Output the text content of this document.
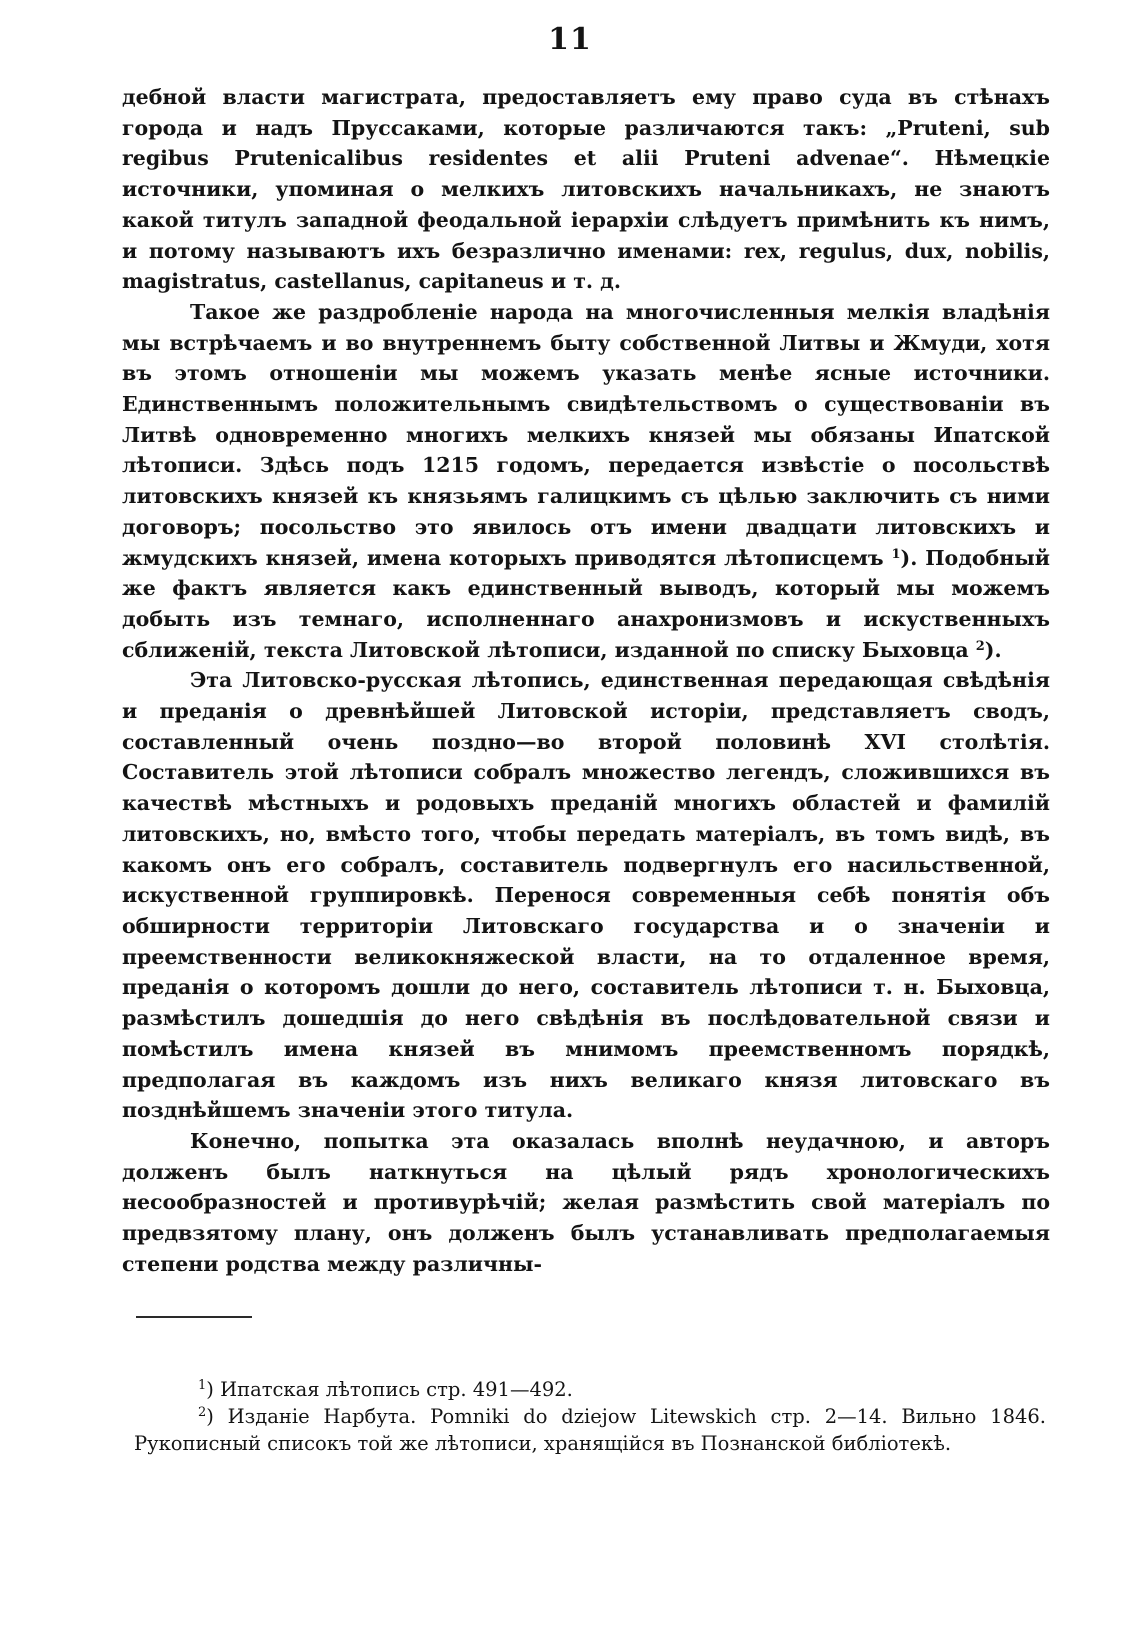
11

дебной власти магистрата, предоставляетъ ему право суда въ стѣнахъ города и надъ Пруссаками, которые различаются такъ: „Pruteni, sub regibus Prutenicalibus residentes et alii Pruteni advenae“. Нѣмецкіе источники, упоминая о мелкихъ литовскихъ начальникахъ, не знаютъ какой титулъ западной феодальной іерархіи слѣдуетъ примѣнить къ нимъ, и потому называютъ ихъ безразлично именами: rex, regulus, dux, nobilis, magistratus, castellanus, capitaneus и т. д.

Такое же раздробленіе народа на многочисленныя мелкія владѣнія мы встрѣчаемъ и во внутреннемъ быту собственной Литвы и Жмуди, хотя въ этомъ отношеніи мы можемъ указать менѣе ясные источники. Единственнымъ положительнымъ свидѣтельствомъ о существованіи въ Литвѣ одновременно многихъ мелкихъ князей мы обязаны Ипатской лѣтописи. Здѣсь подъ 1215 годомъ, передается извѣстіе о посольствѣ литовскихъ князей къ князьямъ галицкимъ съ цѣлью заключить съ ними договоръ; посольство это явилось отъ имени двадцати литовскихъ и жмудскихъ князей, имена которыхъ приводятся лѣтописцемъ $^1$). Подобный же фактъ является какъ единственный выводъ, который мы можемъ добыть изъ темнаго, исполненнаго анахронизмовъ и искуственныхъ сближеній, текста Литовской лѣтописи, изданной по списку Быховца $^2$).

Эта Литовско-русская лѣтопись, единственная передающая свѣдѣнія и преданія о древнѣйшей Литовской исторіи, представляетъ сводъ, составленный очень поздно—во второй половинѣ XVI столѣтія. Составитель этой лѣтописи собралъ множество легендъ, сложившихся въ качествѣ мѣстныхъ и родовыхъ преданій многихъ областей и фамилій литовскихъ, но, вмѣсто того, чтобы передать матеріалъ, въ томъ видѣ, въ какомъ онъ его собралъ, составитель подвергнулъ его насильственной, искуственной группировкѣ. Перенося современныя себѣ понятія объ обширности территоріи Литовскаго государства и о значеніи и преемственности великокняжеской власти, на то отдаленное время, преданія о которомъ дошли до него, составитель лѣтописи т. н. Быховца, размѣстилъ дошедшія до него свѣдѣнія въ послѣдовательной связи и помѣстилъ имена князей въ мнимомъ преемственномъ порядкѣ, предполагая въ каждомъ изъ нихъ великаго князя литовскаго въ позднѣйшемъ значеніи этого титула.

Конечно, попытка эта оказалась вполнѣ неудачною, и авторъ долженъ былъ наткнуться на цѣлый рядъ хронологическихъ несообразностей и противурѣчій; желая размѣстить свой матеріалъ по предвзятому плану, онъ долженъ былъ устанавливать предполагаемыя степени родства между различны-

$^1$) Ипатская лѣтопись стр. 491—492.

$^2$) Изданіе Нарбута. Pomniki do dziejow Litewskich стр. 2—14. Вильно 1846. Рукописный списокъ той же лѣтописи, хранящійся въ Познанской библіотекѣ.
